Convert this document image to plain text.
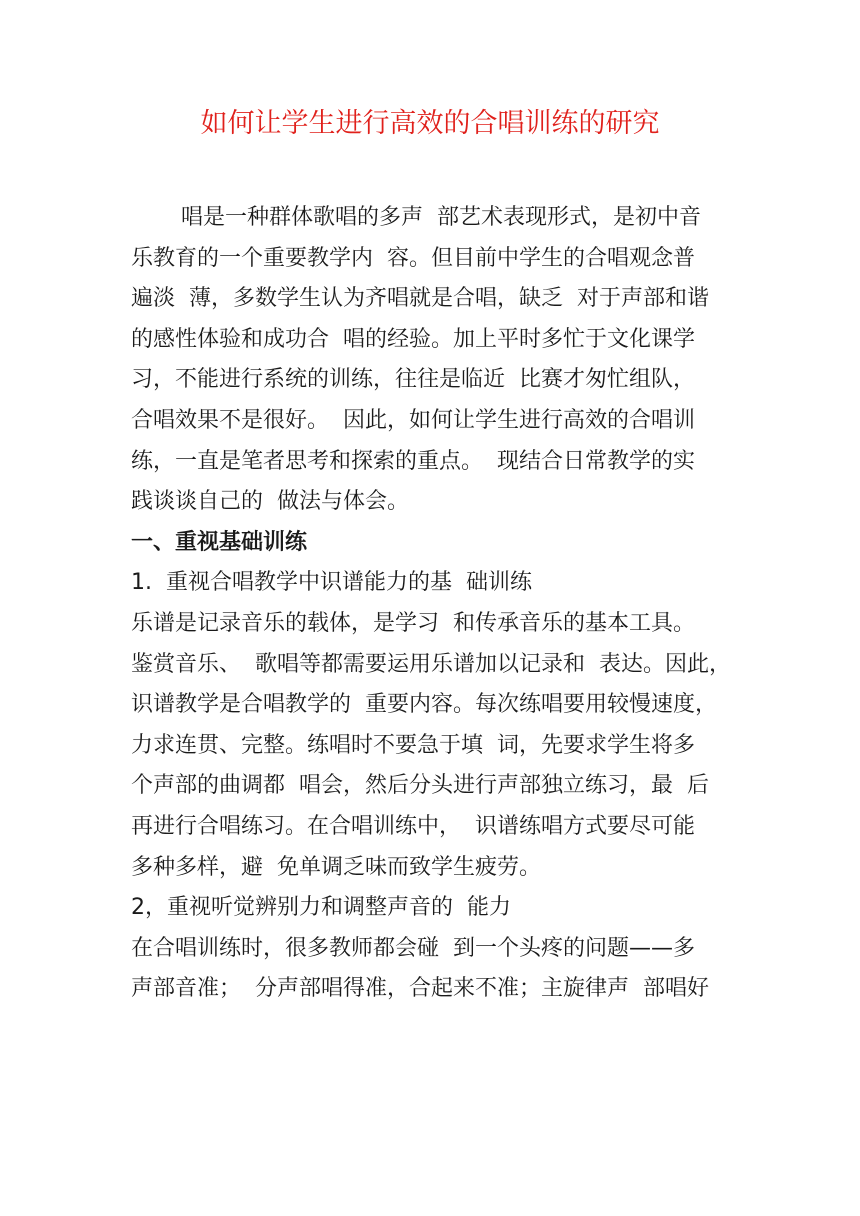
如何让学生进行高效的合唱训练的研究
唱是一种群体歌唱的多声  部艺术表现形式，是初中音
乐教育的一个重要教学内  容。但目前中学生的合唱观念普
遍淡  薄，多数学生认为齐唱就是合唱，缺乏  对于声部和谐
的感性体验和成功合  唱的经验。加上平时多忙于文化课学
习，不能进行系统的训练，往往是临近  比赛才匆忙组队，
合唱效果不是很好。  因此，如何让学生进行高效的合唱训
练，一直是笔者思考和探索的重点。  现结合日常教学的实
践谈谈自己的  做法与体会。
一、重视基础训练
1.  重视合唱教学中识谱能力的基  础训练
乐谱是记录音乐的载体，是学习  和传承音乐的基本工具。
鉴赏音乐、  歌唱等都需要运用乐谱加以记录和  表达。因此，
识谱教学是合唱教学的  重要内容。每次练唱要用较慢速度，
力求连贯、完整。练唱时不要急于填  词，先要求学生将多
个声部的曲调都  唱会，然后分头进行声部独立练习，最  后
再进行合唱练习。在合唱训练中，  识谱练唱方式要尽可能
多种多样，避  免单调乏味而致学生疲劳。
2，重视听觉辨别力和调整声音的  能力
在合唱训练时，很多教师都会碰  到一个头疼的问题——多
声部音准；  分声部唱得准，合起来不准；主旋律声  部唱好
